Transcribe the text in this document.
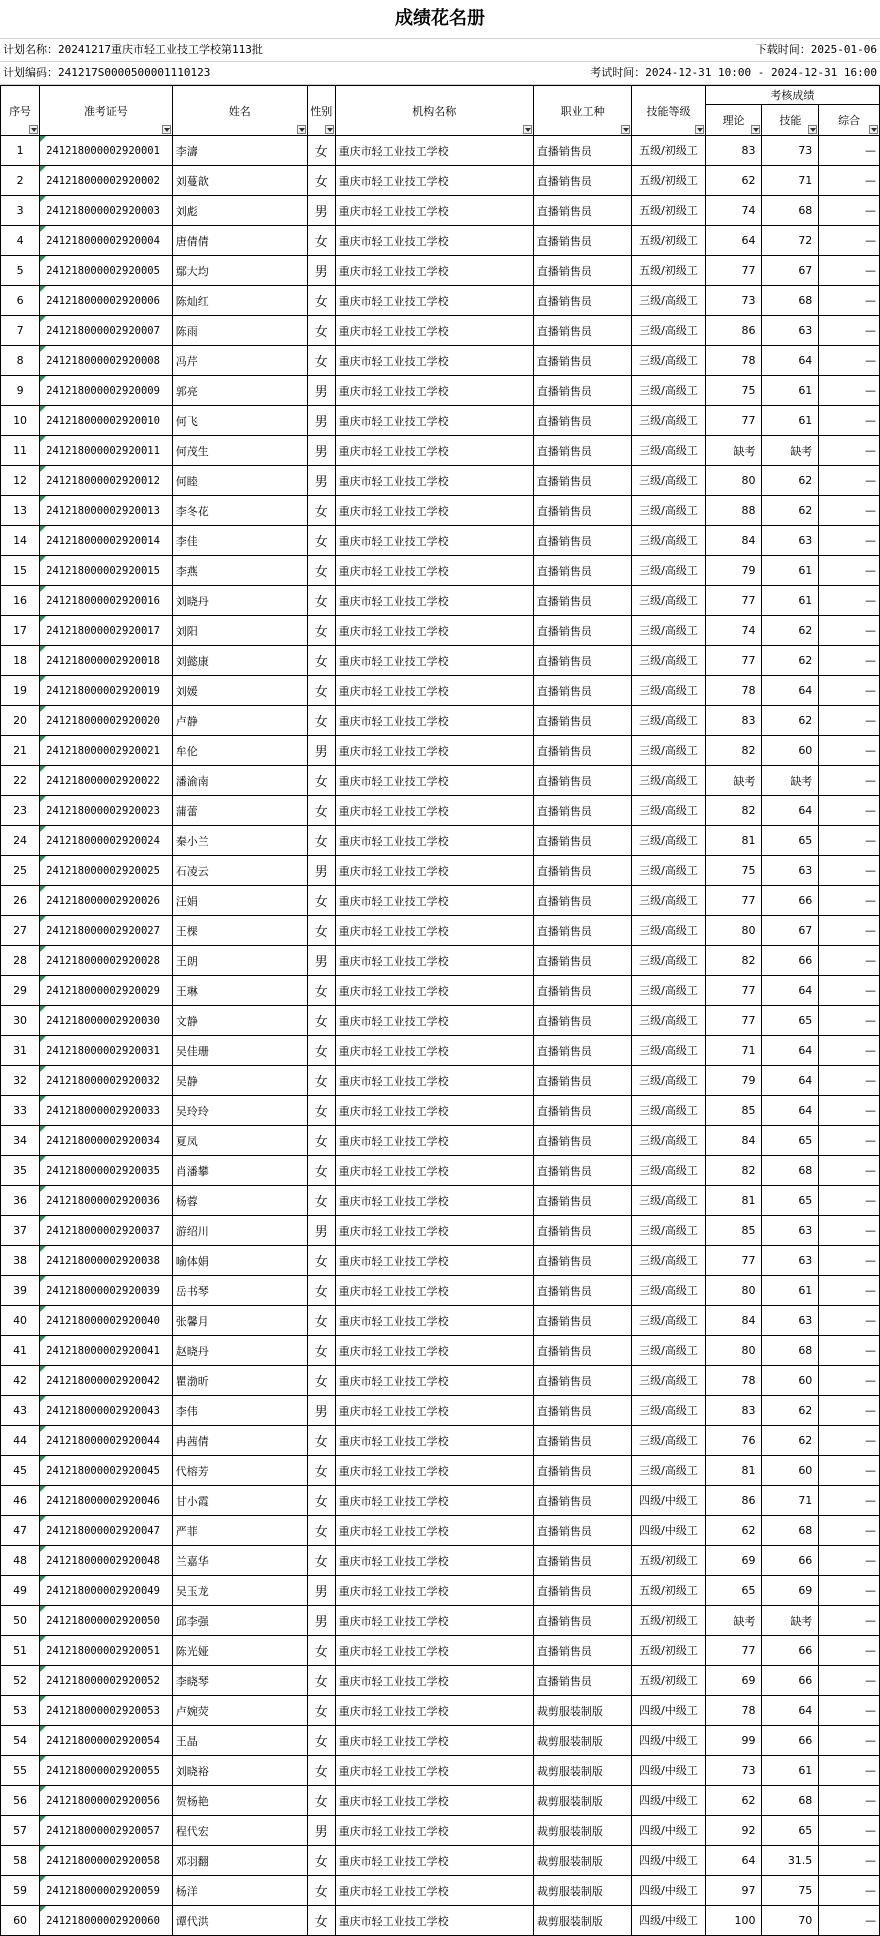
成绩花名册
计划名称：20241217重庆市轻工业技工学校第113批	下载时间：2025-01-06
计划编码：241217S0000500001110123	考试时间：2024-12-31 10:00 - 2024-12-31 16:00
序号	准考证号	姓名	性别	机构名称	职业工种	技能等级	考核成绩		
							理论	技能	综合

1	241218000002920001	李濤	女	重庆市轻工业技工学校	直播销售员	五级/初级工	83	73	—
2	241218000002920002	刘蔓歆	女	重庆市轻工业技工学校	直播销售员	五级/初级工	62	71	—
3	241218000002920003	刘彪	男	重庆市轻工业技工学校	直播销售员	五级/初级工	74	68	—
4	241218000002920004	唐倩倩	女	重庆市轻工业技工学校	直播销售员	五级/初级工	64	72	—
5	241218000002920005	鄢大均	男	重庆市轻工业技工学校	直播销售员	五级/初级工	77	67	—
6	241218000002920006	陈灿红	女	重庆市轻工业技工学校	直播销售员	三级/高级工	73	68	—
7	241218000002920007	陈雨	女	重庆市轻工业技工学校	直播销售员	三级/高级工	86	63	—
8	241218000002920008	冯芹	女	重庆市轻工业技工学校	直播销售员	三级/高级工	78	64	—
9	241218000002920009	郭亮	男	重庆市轻工业技工学校	直播销售员	三级/高级工	75	61	—
10	241218000002920010	何飞	男	重庆市轻工业技工学校	直播销售员	三级/高级工	77	61	—
11	241218000002920011	何茂生	男	重庆市轻工业技工学校	直播销售员	三级/高级工	缺考	缺考	—
12	241218000002920012	何睦	男	重庆市轻工业技工学校	直播销售员	三级/高级工	80	62	—
13	241218000002920013	李冬花	女	重庆市轻工业技工学校	直播销售员	三级/高级工	88	62	—
14	241218000002920014	李佳	女	重庆市轻工业技工学校	直播销售员	三级/高级工	84	63	—
15	241218000002920015	李燕	女	重庆市轻工业技工学校	直播销售员	三级/高级工	79	61	—
16	241218000002920016	刘晓丹	女	重庆市轻工业技工学校	直播销售员	三级/高级工	77	61	—
17	241218000002920017	刘阳	女	重庆市轻工业技工学校	直播销售员	三级/高级工	74	62	—
18	241218000002920018	刘懿康	女	重庆市轻工业技工学校	直播销售员	三级/高级工	77	62	—
19	241218000002920019	刘媛	女	重庆市轻工业技工学校	直播销售员	三级/高级工	78	64	—
20	241218000002920020	卢静	女	重庆市轻工业技工学校	直播销售员	三级/高级工	83	62	—
21	241218000002920021	牟伦	男	重庆市轻工业技工学校	直播销售员	三级/高级工	82	60	—
22	241218000002920022	潘渝南	女	重庆市轻工业技工学校	直播销售员	三级/高级工	缺考	缺考	—
23	241218000002920023	蒲蕾	女	重庆市轻工业技工学校	直播销售员	三级/高级工	82	64	—
24	241218000002920024	秦小兰	女	重庆市轻工业技工学校	直播销售员	三级/高级工	81	65	—
25	241218000002920025	石凌云	男	重庆市轻工业技工学校	直播销售员	三级/高级工	75	63	—
26	241218000002920026	汪娟	女	重庆市轻工业技工学校	直播销售员	三级/高级工	77	66	—
27	241218000002920027	王棵	女	重庆市轻工业技工学校	直播销售员	三级/高级工	80	67	—
28	241218000002920028	王朗	男	重庆市轻工业技工学校	直播销售员	三级/高级工	82	66	—
29	241218000002920029	王琳	女	重庆市轻工业技工学校	直播销售员	三级/高级工	77	64	—
30	241218000002920030	文静	女	重庆市轻工业技工学校	直播销售员	三级/高级工	77	65	—
31	241218000002920031	吴佳珊	女	重庆市轻工业技工学校	直播销售员	三级/高级工	71	64	—
32	241218000002920032	吴静	女	重庆市轻工业技工学校	直播销售员	三级/高级工	79	64	—
33	241218000002920033	吴玲玲	女	重庆市轻工业技工学校	直播销售员	三级/高级工	85	64	—
34	241218000002920034	夏凤	女	重庆市轻工业技工学校	直播销售员	三级/高级工	84	65	—
35	241218000002920035	肖潘攀	女	重庆市轻工业技工学校	直播销售员	三级/高级工	82	68	—
36	241218000002920036	杨蓉	女	重庆市轻工业技工学校	直播销售员	三级/高级工	81	65	—
37	241218000002920037	游绍川	男	重庆市轻工业技工学校	直播销售员	三级/高级工	85	63	—
38	241218000002920038	喻体娟	女	重庆市轻工业技工学校	直播销售员	三级/高级工	77	63	—
39	241218000002920039	岳书琴	女	重庆市轻工业技工学校	直播销售员	三级/高级工	80	61	—
40	241218000002920040	张馨月	女	重庆市轻工业技工学校	直播销售员	三级/高级工	84	63	—
41	241218000002920041	赵晓丹	女	重庆市轻工业技工学校	直播销售员	三级/高级工	80	68	—
42	241218000002920042	瞿渤昕	女	重庆市轻工业技工学校	直播销售员	三级/高级工	78	60	—
43	241218000002920043	李伟	男	重庆市轻工业技工学校	直播销售员	三级/高级工	83	62	—
44	241218000002920044	冉茜倩	女	重庆市轻工业技工学校	直播销售员	三级/高级工	76	62	—
45	241218000002920045	代榕芳	女	重庆市轻工业技工学校	直播销售员	三级/高级工	81	60	—
46	241218000002920046	甘小霞	女	重庆市轻工业技工学校	直播销售员	四级/中级工	86	71	—
47	241218000002920047	严菲	女	重庆市轻工业技工学校	直播销售员	四级/中级工	62	68	—
48	241218000002920048	兰嘉华	女	重庆市轻工业技工学校	直播销售员	五级/初级工	69	66	—
49	241218000002920049	吴玉龙	男	重庆市轻工业技工学校	直播销售员	五级/初级工	65	69	—
50	241218000002920050	邱李强	男	重庆市轻工业技工学校	直播销售员	五级/初级工	缺考	缺考	—
51	241218000002920051	陈光娅	女	重庆市轻工业技工学校	直播销售员	五级/初级工	77	66	—
52	241218000002920052	李晓琴	女	重庆市轻工业技工学校	直播销售员	五级/初级工	69	66	—
53	241218000002920053	卢婉荧	女	重庆市轻工业技工学校	裁剪服装制版	四级/中级工	78	64	—
54	241218000002920054	王晶	女	重庆市轻工业技工学校	裁剪服装制版	四级/中级工	99	66	—
55	241218000002920055	刘晓裕	女	重庆市轻工业技工学校	裁剪服装制版	四级/中级工	73	61	—
56	241218000002920056	贺杨艳	女	重庆市轻工业技工学校	裁剪服装制版	四级/中级工	62	68	—
57	241218000002920057	程代宏	男	重庆市轻工业技工学校	裁剪服装制版	四级/中级工	92	65	—
58	241218000002920058	邓羽翻	女	重庆市轻工业技工学校	裁剪服装制版	四级/中级工	64	31.5	—
59	241218000002920059	杨洋	女	重庆市轻工业技工学校	裁剪服装制版	四级/中级工	97	75	—
60	241218000002920060	谭代洪	女	重庆市轻工业技工学校	裁剪服装制版	四级/中级工	100	70	—
